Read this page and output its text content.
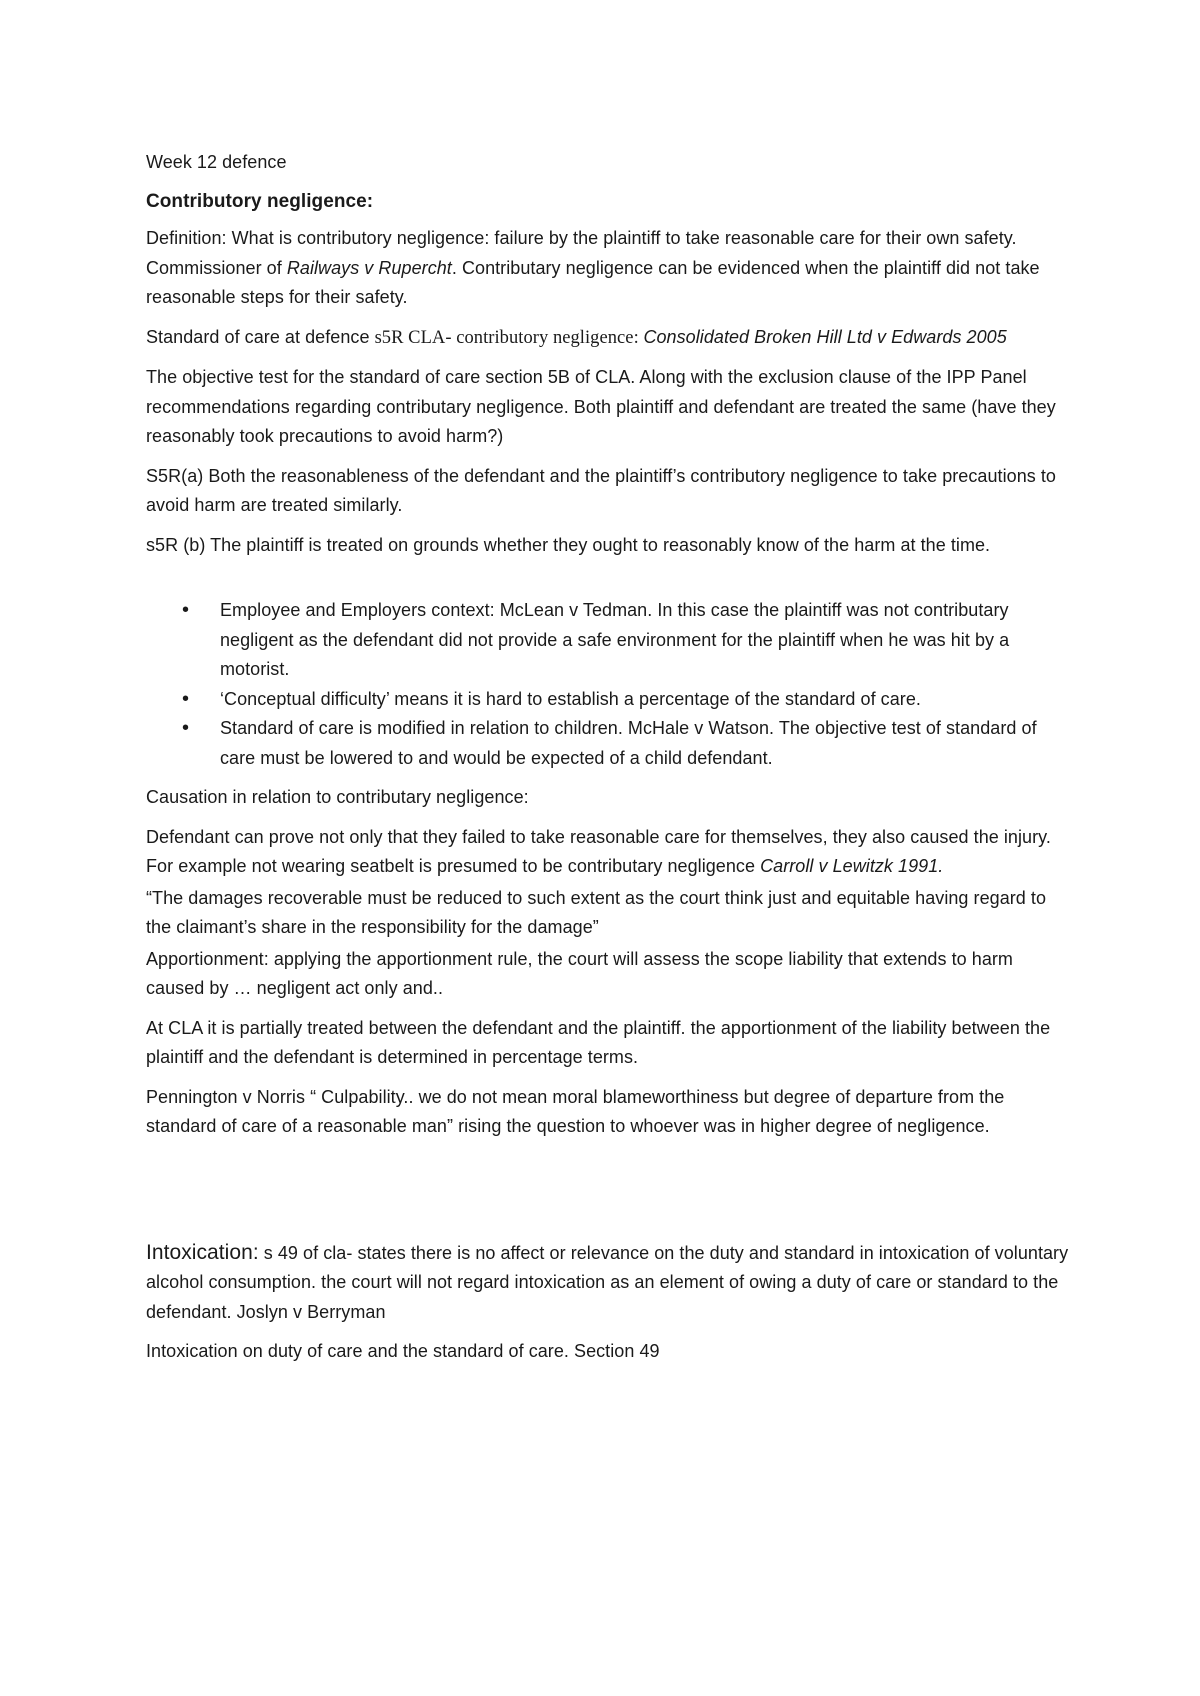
Week 12 defence

Contributory negligence:

Definition: What is contributory negligence: failure by the plaintiff to take reasonable care for their own safety. Commissioner of Railways v Rupercht. Contributary negligence can be evidenced when the plaintiff did not take reasonable steps for their safety.

Standard of care at defence s5R CLA- contributory negligence: Consolidated Broken Hill Ltd v Edwards 2005

The objective test for the standard of care section 5B of CLA. Along with the exclusion clause of the IPP Panel recommendations regarding contributary negligence. Both plaintiff and defendant are treated the same (have they reasonably took precautions to avoid harm?)

S5R(a) Both the reasonableness of the defendant and the plaintiff’s contributory negligence to take precautions to avoid harm are treated similarly.

s5R (b) The plaintiff is treated on grounds whether they ought to reasonably know of the harm at the time.

• Employee and Employers context: McLean v Tedman. In this case the plaintiff was not contributary negligent as the defendant did not provide a safe environment for the plaintiff when he was hit by a motorist.
• ‘Conceptual difficulty’ means it is hard to establish a percentage of the standard of care.
• Standard of care is modified in relation to children. McHale v Watson. The objective test of standard of care must be lowered to and would be expected of a child defendant.

Causation in relation to contributary negligence:

Defendant can prove not only that they failed to take reasonable care for themselves, they also caused the injury. For example not wearing seatbelt is presumed to be contributary negligence Carroll v Lewitzk 1991.

“The damages recoverable must be reduced to such extent as the court think just and equitable having regard to the claimant’s share in the responsibility for the damage”

Apportionment: applying the apportionment rule, the court will assess the scope liability that extends to harm caused by … negligent act only and..

At CLA it is partially treated between the defendant and the plaintiff. the apportionment of the liability between the plaintiff and the defendant is determined in percentage terms.

Pennington v Norris “ Culpability.. we do not mean moral blameworthiness but degree of departure from the standard of care of a reasonable man” rising the question to whoever was in higher degree of negligence.

Intoxication: s 49 of cla- states there is no affect or relevance on the duty and standard in intoxication of voluntary alcohol consumption. the court will not regard intoxication as an element of owing a duty of care or standard to the defendant. Joslyn v Berryman

Intoxication on duty of care and the standard of care. Section 49
